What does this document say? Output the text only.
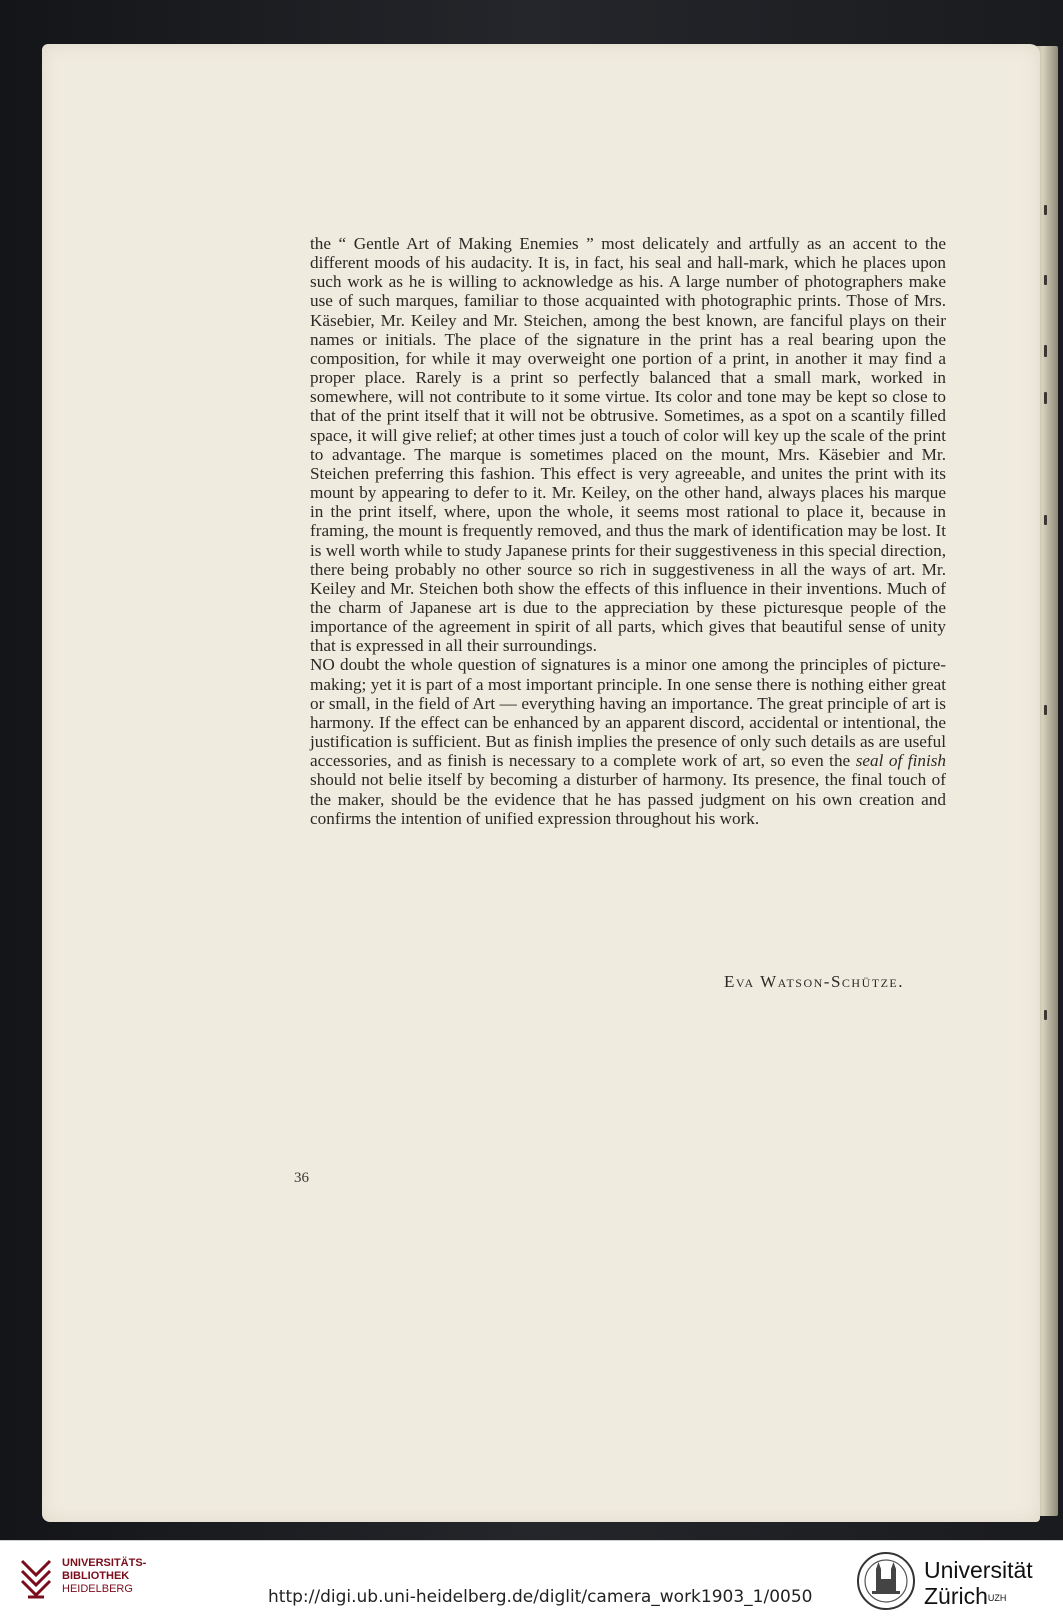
the “ Gentle Art of Making Enemies ” most delicately and artfully as an accent to the different moods of his audacity. It is, in fact, his seal and hall-mark, which he places upon such work as he is willing to acknowledge as his. A large number of photographers make use of such marques, familiar to those acquainted with photographic prints. Those of Mrs. Käsebier, Mr. Keiley and Mr. Steichen, among the best known, are fanciful plays on their names or initials. The place of the signature in the print has a real bearing upon the composition, for while it may overweight one portion of a print, in another it may find a proper place. Rarely is a print so perfectly balanced that a small mark, worked in somewhere, will not contribute to it some virtue. Its color and tone may be kept so close to that of the print itself that it will not be obtrusive. Sometimes, as a spot on a scantily filled space, it will give relief; at other times just a touch of color will key up the scale of the print to advantage. The marque is sometimes placed on the mount, Mrs. Käsebier and Mr. Steichen preferring this fashion. This effect is very agreeable, and unites the print with its mount by appearing to defer to it. Mr. Keiley, on the other hand, always places his marque in the print itself, where, upon the whole, it seems most rational to place it, because in framing, the mount is frequently removed, and thus the mark of identification may be lost. It is well worth while to study Japanese prints for their suggestiveness in this special direction, there being probably no other source so rich in suggestiveness in all the ways of art. Mr. Keiley and Mr. Steichen both show the effects of this influence in their inventions. Much of the charm of Japanese art is due to the appreciation by these picturesque people of the importance of the agreement in spirit of all parts, which gives that beautiful sense of unity that is expressed in all their surroundings.

NO doubt the whole question of signatures is a minor one among the principles of picture-making; yet it is part of a most important principle. In one sense there is nothing either great or small, in the field of Art — everything having an importance. The great principle of art is harmony. If the effect can be enhanced by an apparent discord, accidental or intentional, the justification is sufficient. But as finish implies the presence of only such details as are useful accessories, and as finish is necessary to a complete work of art, so even the seal of finish should not belie itself by becoming a disturber of harmony. Its presence, the final touch of the maker, should be the evidence that he has passed judgment on his own creation and confirms the intention of unified expression throughout his work.

Eva Watson-Schütze.
36
UNIVERSITÄTS-
BIBLIOTHEK
HEIDELBERG	http://digi.ub.uni-heidelberg.de/diglit/camera_work1903_1/0050
Universität
Zürich$^{UZH}$
